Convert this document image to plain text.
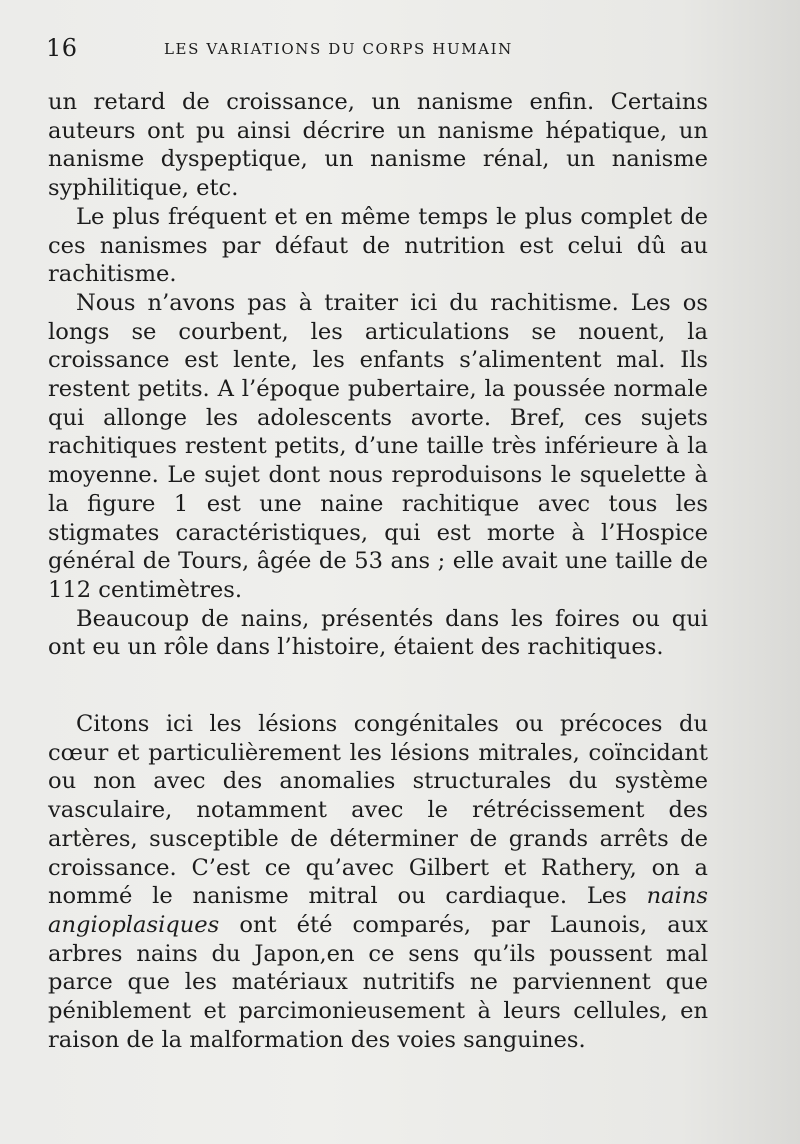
16	LES VARIATIONS DU CORPS HUMAIN

un retard de croissance, un nanisme enfin. Certains auteurs ont pu ainsi décrire un nanisme hépatique, un nanisme dyspeptique, un nanisme rénal, un nanisme syphilitique, etc.

Le plus fréquent et en même temps le plus complet de ces nanismes par défaut de nutrition est celui dû au rachitisme.

Nous n’avons pas à traiter ici du rachitisme. Les os longs se courbent, les articulations se nouent, la croissance est lente, les enfants s’alimentent mal. Ils restent petits. A l’époque pubertaire, la poussée normale qui allonge les adolescents avorte. Bref, ces sujets rachitiques restent petits, d’une taille très inférieure à la moyenne. Le sujet dont nous reproduisons le squelette à la figure 1 est une naine rachitique avec tous les stigmates caractéristiques, qui est morte à l’Hospice général de Tours, âgée de 53 ans ; elle avait une taille de 112 centimètres.

Beaucoup de nains, présentés dans les foires ou qui ont eu un rôle dans l’histoire, étaient des rachitiques.

Citons ici les lésions congénitales ou précoces du cœur et particulièrement les lésions mitrales, coïncidant ou non avec des anomalies structurales du système vasculaire, notamment avec le rétrécissement des artères, susceptible de déterminer de grands arrêts de croissance. C’est ce qu’avec Gilbert et Rathery, on a nommé le nanisme mitral ou cardiaque. Les nains angioplasiques ont été comparés, par Launois, aux arbres nains du Japon,en ce sens qu’ils poussent mal parce que les matériaux nutritifs ne parviennent que péniblement et parcimonieusement à leurs cellules, en raison de la malformation des voies sanguines.
